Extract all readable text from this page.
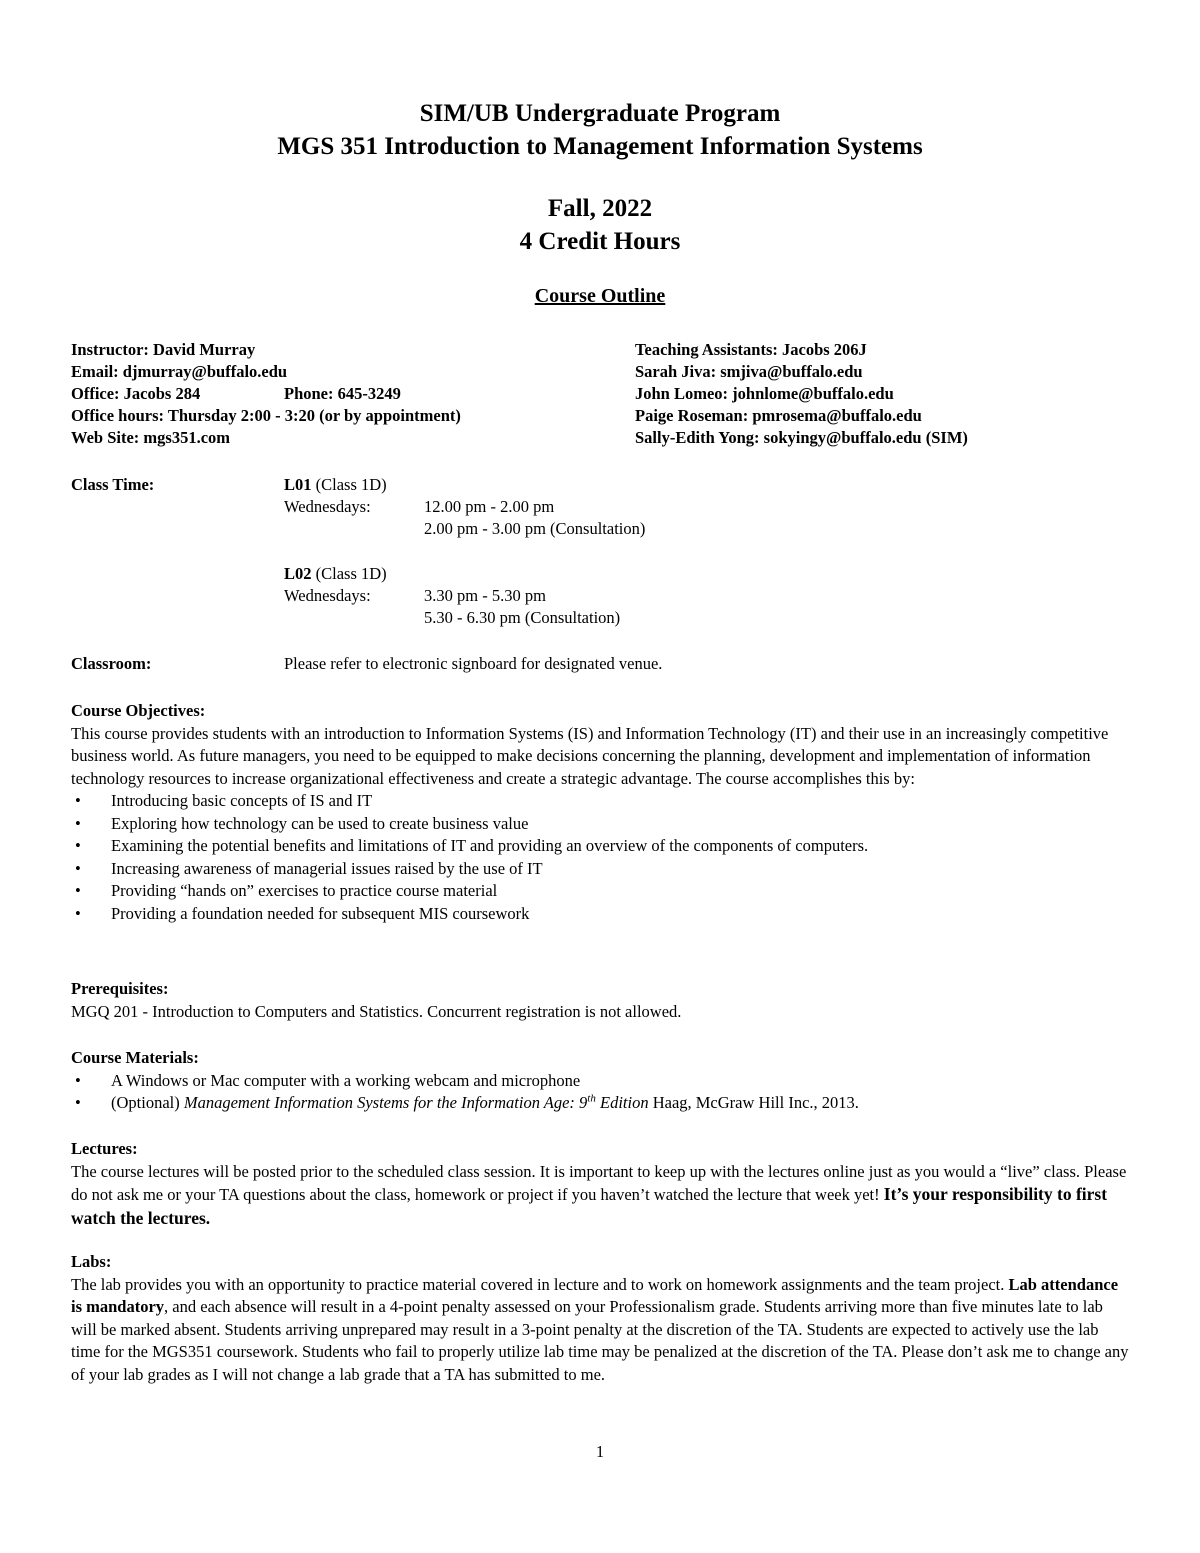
SIM/UB Undergraduate Program
MGS 351 Introduction to Management Information Systems
Fall, 2022
4 Credit Hours
Course Outline
Instructor: David Murray
Email: djmurray@buffalo.edu
Office: Jacobs 284	Phone: 645-3249
Office hours: Thursday 2:00 - 3:20 (or by appointment)
Web Site: mgs351.com
Teaching Assistants: Jacobs 206J
Sarah Jiva: smjiva@buffalo.edu
John Lomeo: johnlome@buffalo.edu
Paige Roseman: pmrosema@buffalo.edu
Sally-Edith Yong: sokyingy@buffalo.edu (SIM)
Class Time:	L01 (Class 1D)
Wednesdays:	12.00 pm - 2.00 pm
2.00 pm - 3.00 pm (Consultation)
L02 (Class 1D)
Wednesdays:	3.30 pm - 5.30 pm
5.30 - 6.30 pm (Consultation)
Classroom:	Please refer to electronic signboard for designated venue.
Course Objectives:
This course provides students with an introduction to Information Systems (IS) and Information Technology (IT) and their use in an increasingly competitive business world. As future managers, you need to be equipped to make decisions concerning the planning, development and implementation of information technology resources to increase organizational effectiveness and create a strategic advantage. The course accomplishes this by:
• Introducing basic concepts of IS and IT
• Exploring how technology can be used to create business value
• Examining the potential benefits and limitations of IT and providing an overview of the components of computers.
• Increasing awareness of managerial issues raised by the use of IT
• Providing “hands on” exercises to practice course material
• Providing a foundation needed for subsequent MIS coursework
Prerequisites:
MGQ 201 - Introduction to Computers and Statistics. Concurrent registration is not allowed.
Course Materials:
• A Windows or Mac computer with a working webcam and microphone
• (Optional) Management Information Systems for the Information Age: 9th Edition Haag, McGraw Hill Inc., 2013.
Lectures:
The course lectures will be posted prior to the scheduled class session. It is important to keep up with the lectures online just as you would a “live” class. Please do not ask me or your TA questions about the class, homework or project if you haven’t watched the lecture that week yet! It’s your responsibility to first watch the lectures.
Labs:
The lab provides you with an opportunity to practice material covered in lecture and to work on homework assignments and the team project. Lab attendance is mandatory, and each absence will result in a 4-point penalty assessed on your Professionalism grade. Students arriving more than five minutes late to lab will be marked absent. Students arriving unprepared may result in a 3-point penalty at the discretion of the TA. Students are expected to actively use the lab time for the MGS351 coursework. Students who fail to properly utilize lab time may be penalized at the discretion of the TA. Please don’t ask me to change any of your lab grades as I will not change a lab grade that a TA has submitted to me.
1
